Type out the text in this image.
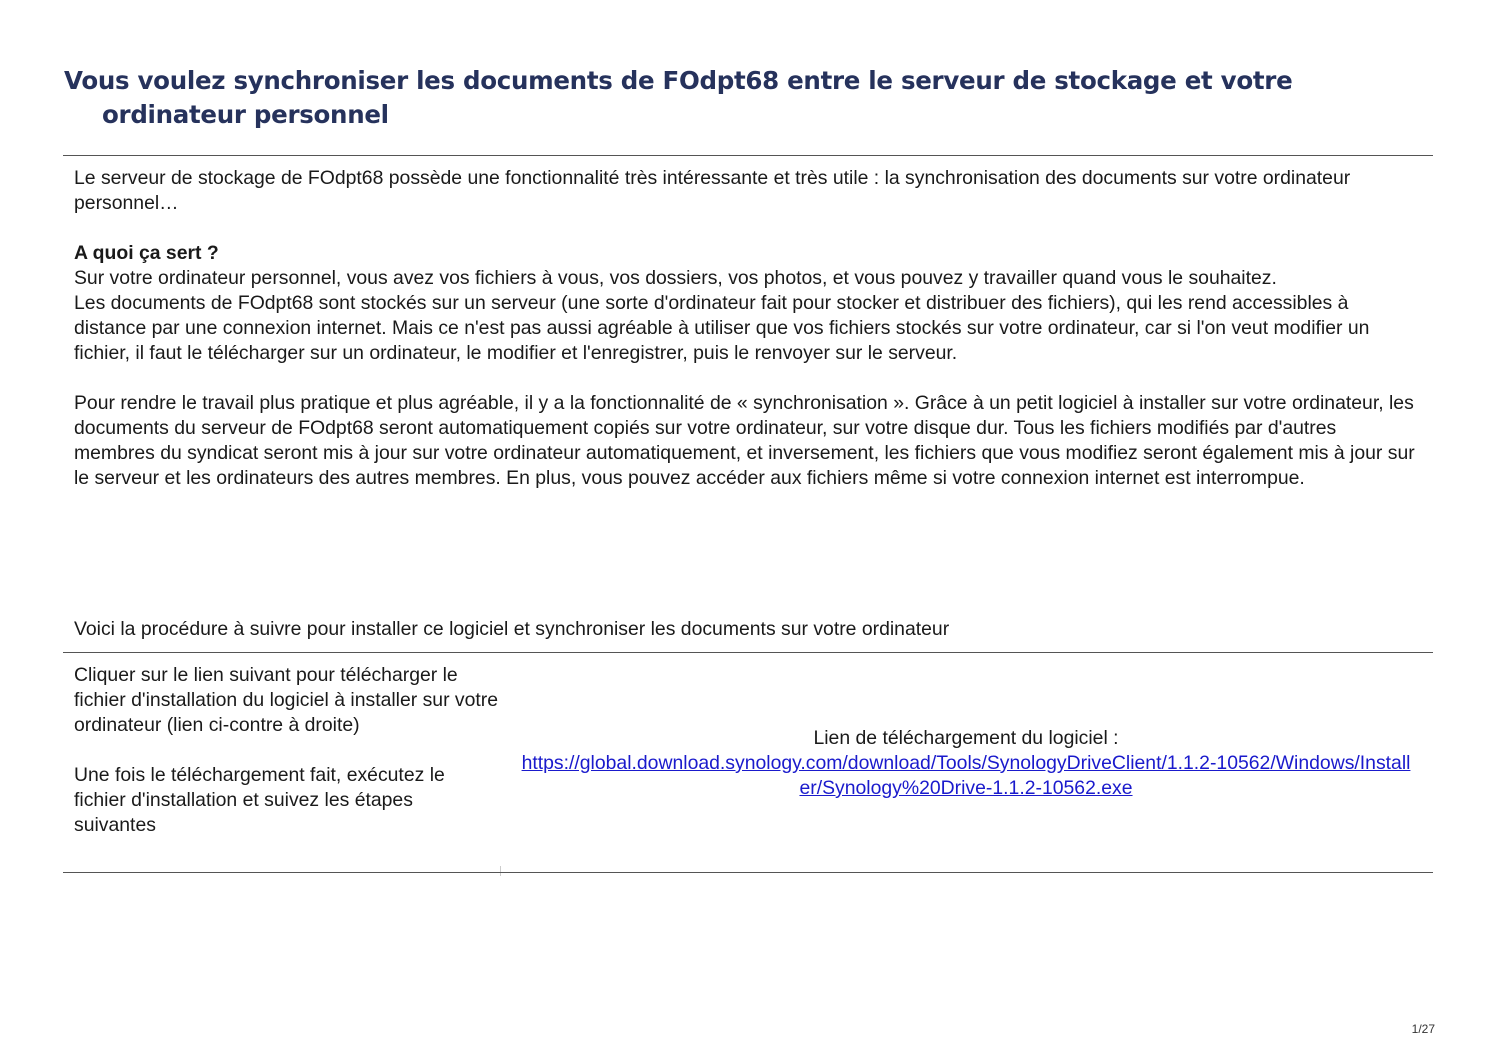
Vous voulez synchroniser les documents de FOdpt68 entre le serveur de stockage et votre
ordinateur personnel

Le serveur de stockage de FOdpt68 possède une fonctionnalité très intéressante et très utile : la synchronisation des documents sur votre ordinateur personnel…

A quoi ça sert ?

Sur votre ordinateur personnel, vous avez vos fichiers à vous, vos dossiers, vos photos, et vous pouvez y travailler quand vous le souhaitez.

Les documents de FOdpt68 sont stockés sur un serveur (une sorte d'ordinateur fait pour stocker et distribuer des fichiers), qui les rend accessibles à distance par une connexion internet. Mais ce n'est pas aussi agréable à utiliser que vos fichiers stockés sur votre ordinateur, car si l'on veut modifier un fichier, il faut le télécharger sur un ordinateur, le modifier et l'enregistrer, puis le renvoyer sur le serveur.

Pour rendre le travail plus pratique et plus agréable, il y a la fonctionnalité de « synchronisation ». Grâce à un petit logiciel à installer sur votre ordinateur, les documents du serveur de FOdpt68 seront automatiquement copiés sur votre ordinateur, sur votre disque dur. Tous les fichiers modifiés par d'autres membres du syndicat seront mis à jour sur votre ordinateur automatiquement, et inversement, les fichiers que vous modifiez seront également mis à jour sur le serveur et les ordinateurs des autres membres. En plus, vous pouvez accéder aux fichiers même si votre connexion internet est interrompue.

Voici la procédure à suivre pour installer ce logiciel et synchroniser les documents sur votre ordinateur

Cliquer sur le lien suivant pour télécharger le fichier d'installation du logiciel à installer sur votre ordinateur (lien ci-contre à droite)

Une fois le téléchargement fait, exécutez le fichier d'installation et suivez les étapes suivantes

Lien de téléchargement du logiciel :

https://global.download.synology.com/download/Tools/SynologyDriveClient/1.1.2-10562/Windows/Installer/Synology%20Drive-1.1.2-10562.exe

1/27
